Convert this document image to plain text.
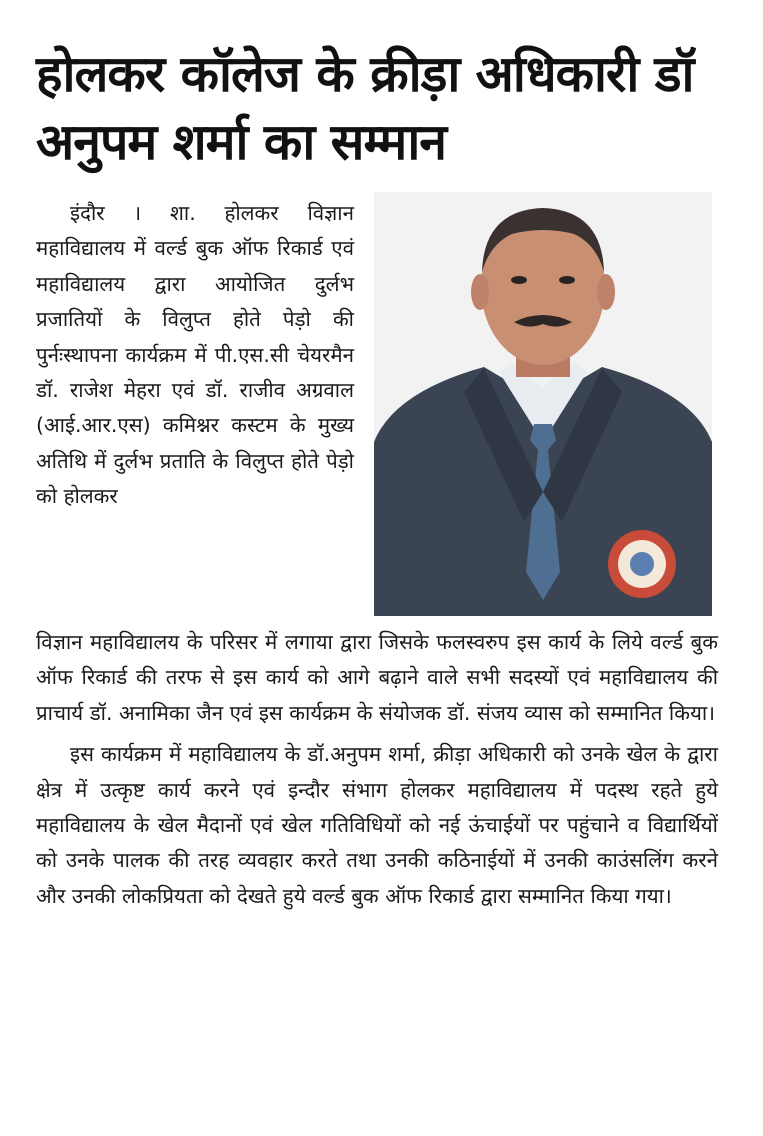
होलकर कॉलेज के क्रीड़ा अधिकारी डॉ
अनुपम शर्मा का सम्मान

इंदौर । शा. होलकर विज्ञान महाविद्यालय में वर्ल्ड बुक ऑफ रिकार्ड एवं महाविद्यालय द्वारा आयोजित दुर्लभ प्रजातियों के विलुप्त होते पेड़ो की पुर्नःस्थापना कार्यक्रम में पी.एस.सी चेयरमैन डॉ. राजेश मेहरा एवं डॉ. राजीव अग्रवाल (आई.आर.एस) कमिश्नर कस्टम के मुख्य अतिथि में दुर्लभ प्रताति के विलुप्त होते पेड़ो को होलकर

विज्ञान महाविद्यालय के परिसर में लगाया द्वारा जिसके फलस्वरुप इस कार्य के लिये वर्ल्ड बुक ऑफ रिकार्ड की तरफ से इस कार्य को आगे बढ़ाने वाले सभी सदस्यों एवं महाविद्यालय की प्राचार्य डॉ. अनामिका जैन एवं इस कार्यक्रम के संयोजक डॉ. संजय व्यास को सम्मानित किया।

इस कार्यक्रम में महाविद्यालय के डॉ.अनुपम शर्मा, क्रीड़ा अधिकारी को उनके खेल के द्वारा क्षेत्र में उत्कृष्ट कार्य करने एवं इन्दौर संभाग होलकर महाविद्यालय में पदस्थ रहते हुये महाविद्यालय के खेल मैदानों एवं खेल गतिविधियों को नई ऊंचाईयों पर पहुंचाने व विद्यार्थियों को उनके पालक की तरह व्यवहार करते तथा उनकी कठिनाईयों में उनकी काउंसलिंग करने और उनकी लोकप्रियता को देखते हुये वर्ल्ड बुक ऑफ रिकार्ड द्वारा सम्मानित किया गया।
